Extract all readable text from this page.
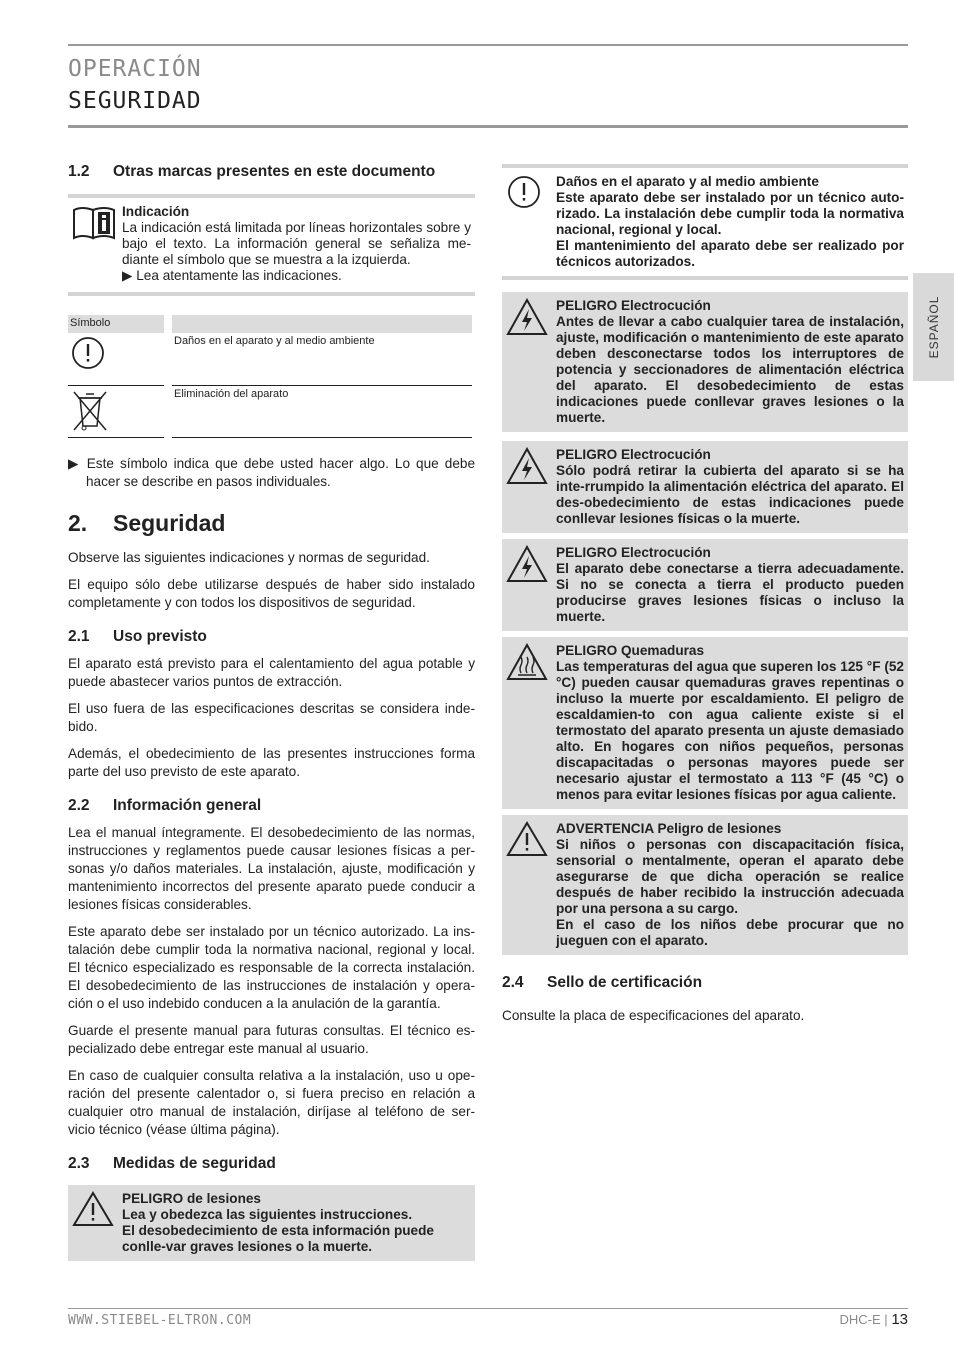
OPERACIÓN
SEGURIDAD
ESPAÑOL
1.2 Otras marcas presentes en este documento
Indicación
La indicación está limitada por líneas horizontales sobre y bajo el texto. La información general se señaliza me-diante el símbolo que se muestra a la izquierda.
▶ Lea atentamente las indicaciones.
Símbolo		
		Daños en el aparato y al medio ambiente
		Eliminación del aparato

▶ Este símbolo indica que debe usted hacer algo. Lo que debe hacer se describe en pasos individuales.

2. Seguridad

Observe las siguientes indicaciones y normas de seguridad.

El equipo sólo debe utilizarse después de haber sido instalado completamente y con todos los dispositivos de seguridad.

2.1 Uso previsto

El aparato está previsto para el calentamiento del agua potable y puede abastecer varios puntos de extracción.

El uso fuera de las especificaciones descritas se considera inde-bido.

Además, el obedecimiento de las presentes instrucciones forma parte del uso previsto de este aparato.

2.2 Información general

Lea el manual íntegramente. El desobedecimiento de las normas, instrucciones y reglamentos puede causar lesiones físicas a per-sonas y/o daños materiales. La instalación, ajuste, modificación y mantenimiento incorrectos del presente aparato puede conducir a lesiones físicas considerables.

Este aparato debe ser instalado por un técnico autorizado. La ins-talación debe cumplir toda la normativa nacional, regional y local. El técnico especializado es responsable de la correcta instalación. El desobedecimiento de las instrucciones de instalación y opera-ción o el uso indebido conducen a la anulación de la garantía.

Guarde el presente manual para futuras consultas. El técnico es-pecializado debe entregar este manual al usuario.

En caso de cualquier consulta relativa a la instalación, uso u ope-ración del presente calentador o, si fuera preciso en relación a cualquier otro manual de instalación, diríjase al teléfono de ser-vicio técnico (véase última página).

2.3 Medidas de seguridad
PELIGRO de lesiones
Lea y obedezca las siguientes instrucciones.
El desobedecimiento de esta información puede conlle-var graves lesiones o la muerte.
Daños en el aparato y al medio ambiente
Este aparato debe ser instalado por un técnico auto-rizado. La instalación debe cumplir toda la normativa nacional, regional y local.
El mantenimiento del aparato debe ser realizado por técnicos autorizados.
PELIGRO Electrocución
Antes de llevar a cabo cualquier tarea de instalación, ajuste, modificación o mantenimiento de este aparato deben desconectarse todos los interruptores de potencia y seccionadores de alimentación eléctrica del aparato. El desobedecimiento de estas indicaciones puede conllevar graves lesiones o la muerte.
PELIGRO Electrocución
Sólo podrá retirar la cubierta del aparato si se ha inte-rrumpido la alimentación eléctrica del aparato. El des-obedecimiento de estas indicaciones puede conllevar lesiones físicas o la muerte.
PELIGRO Electrocución
El aparato debe conectarse a tierra adecuadamente. Si no se conecta a tierra el producto pueden producirse graves lesiones físicas o incluso la muerte.
PELIGRO Quemaduras
Las temperaturas del agua que superen los 125 °F (52 °C) pueden causar quemaduras graves repentinas o incluso la muerte por escaldamiento. El peligro de escaldamien-to con agua caliente existe si el termostato del aparato presenta un ajuste demasiado alto. En hogares con niños pequeños, personas discapacitadas o personas mayores puede ser necesario ajustar el termostato a 113 °F (45 °C) o menos para evitar lesiones físicas por agua caliente.
ADVERTENCIA Peligro de lesiones
Si niños o personas con discapacitación física, sensorial o mentalmente, operan el aparato debe asegurarse de que dicha operación se realice después de haber recibido la instrucción adecuada por una persona a su cargo.
En el caso de los niños debe procurar que no jueguen con el aparato.
2.4 Sello de certificación

Consulte la placa de especificaciones del aparato.

WWW.STIEBEL-ELTRON.COM	DHC-E | 13
